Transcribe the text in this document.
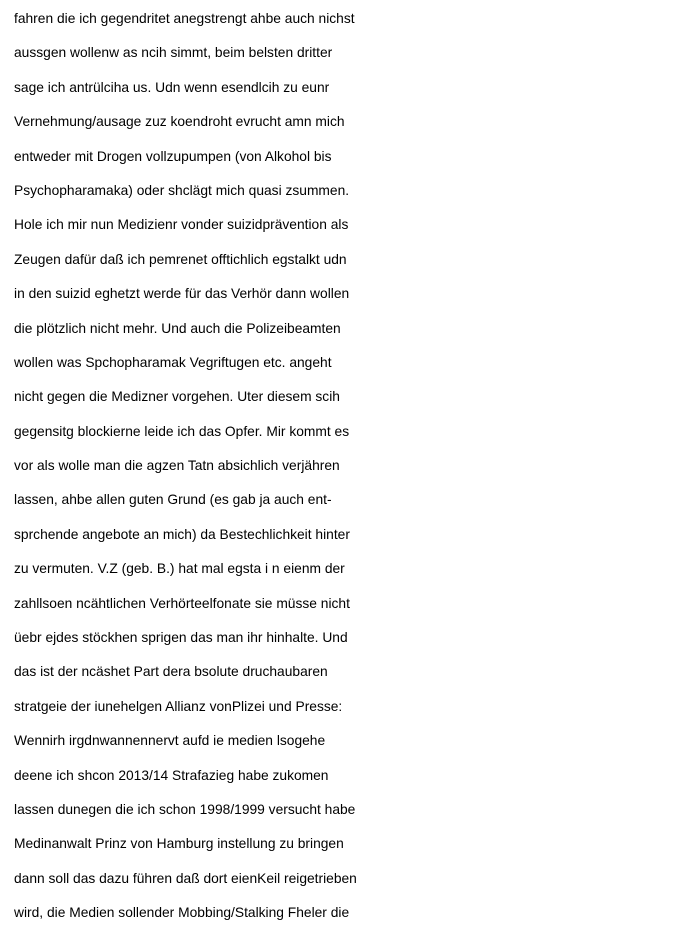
fahren die ich gegendritet anegstrengt ahbe auch nichst
aussgen wollenw as ncih simmt, beim belsten dritter
sage ich antrülciha us. Udn wenn esendlcih zu eunr
Vernehmung/ausage zuz koendroht evrucht amn mich
entweder mit Drogen vollzupumpen (von Alkohol bis
Psychopharamaka) oder shclägt mich quasi zsummen.
Hole ich mir nun Medizienr vonder suizidprävention als
Zeugen dafür daß ich pemrenet offtichlich egstalkt udn
in den suizid eghetzt werde für das Verhör dann wollen
die plötzlich nicht mehr. Und auch die Polizeibeamten
wollen was Spchopharamak Vegriftugen etc. angeht
nicht gegen die Medizner vorgehen. Uter diesem scih
gegensitg blockierne leide ich das Opfer. Mir kommt es
vor als wolle man die agzen Tatn absichlich verjähren
lassen, ahbe allen guten Grund (es gab ja auch ent-
sprchende angebote an mich) da Bestechlichkeit hinter
zu vermuten. V.Z (geb. B.) hat mal egsta i n eienm der
zahllsoen ncähtlichen Verhörteelfonate sie müsse nicht
üebr ejdes stöckhen sprigen das man ihr hinhalte. Und
das ist der ncäshet Part dera bsolute druchaubaren
stratgeie der iunehelgen Allianz vonPlizei und Presse:
Wennirh irgdnwannennervt aufd ie medien lsogehe
deene ich shcon 2013/14 Strafazieg habe zukomen
lassen dunegen die ich schon 1998/1999 versucht habe
Medinanwalt Prinz von Hamburg instellung zu bringen
dann soll das dazu führen daß dort eienKeil reigetrieben
wird, die Medien sollender Mobbing/Stalking Fheler die
